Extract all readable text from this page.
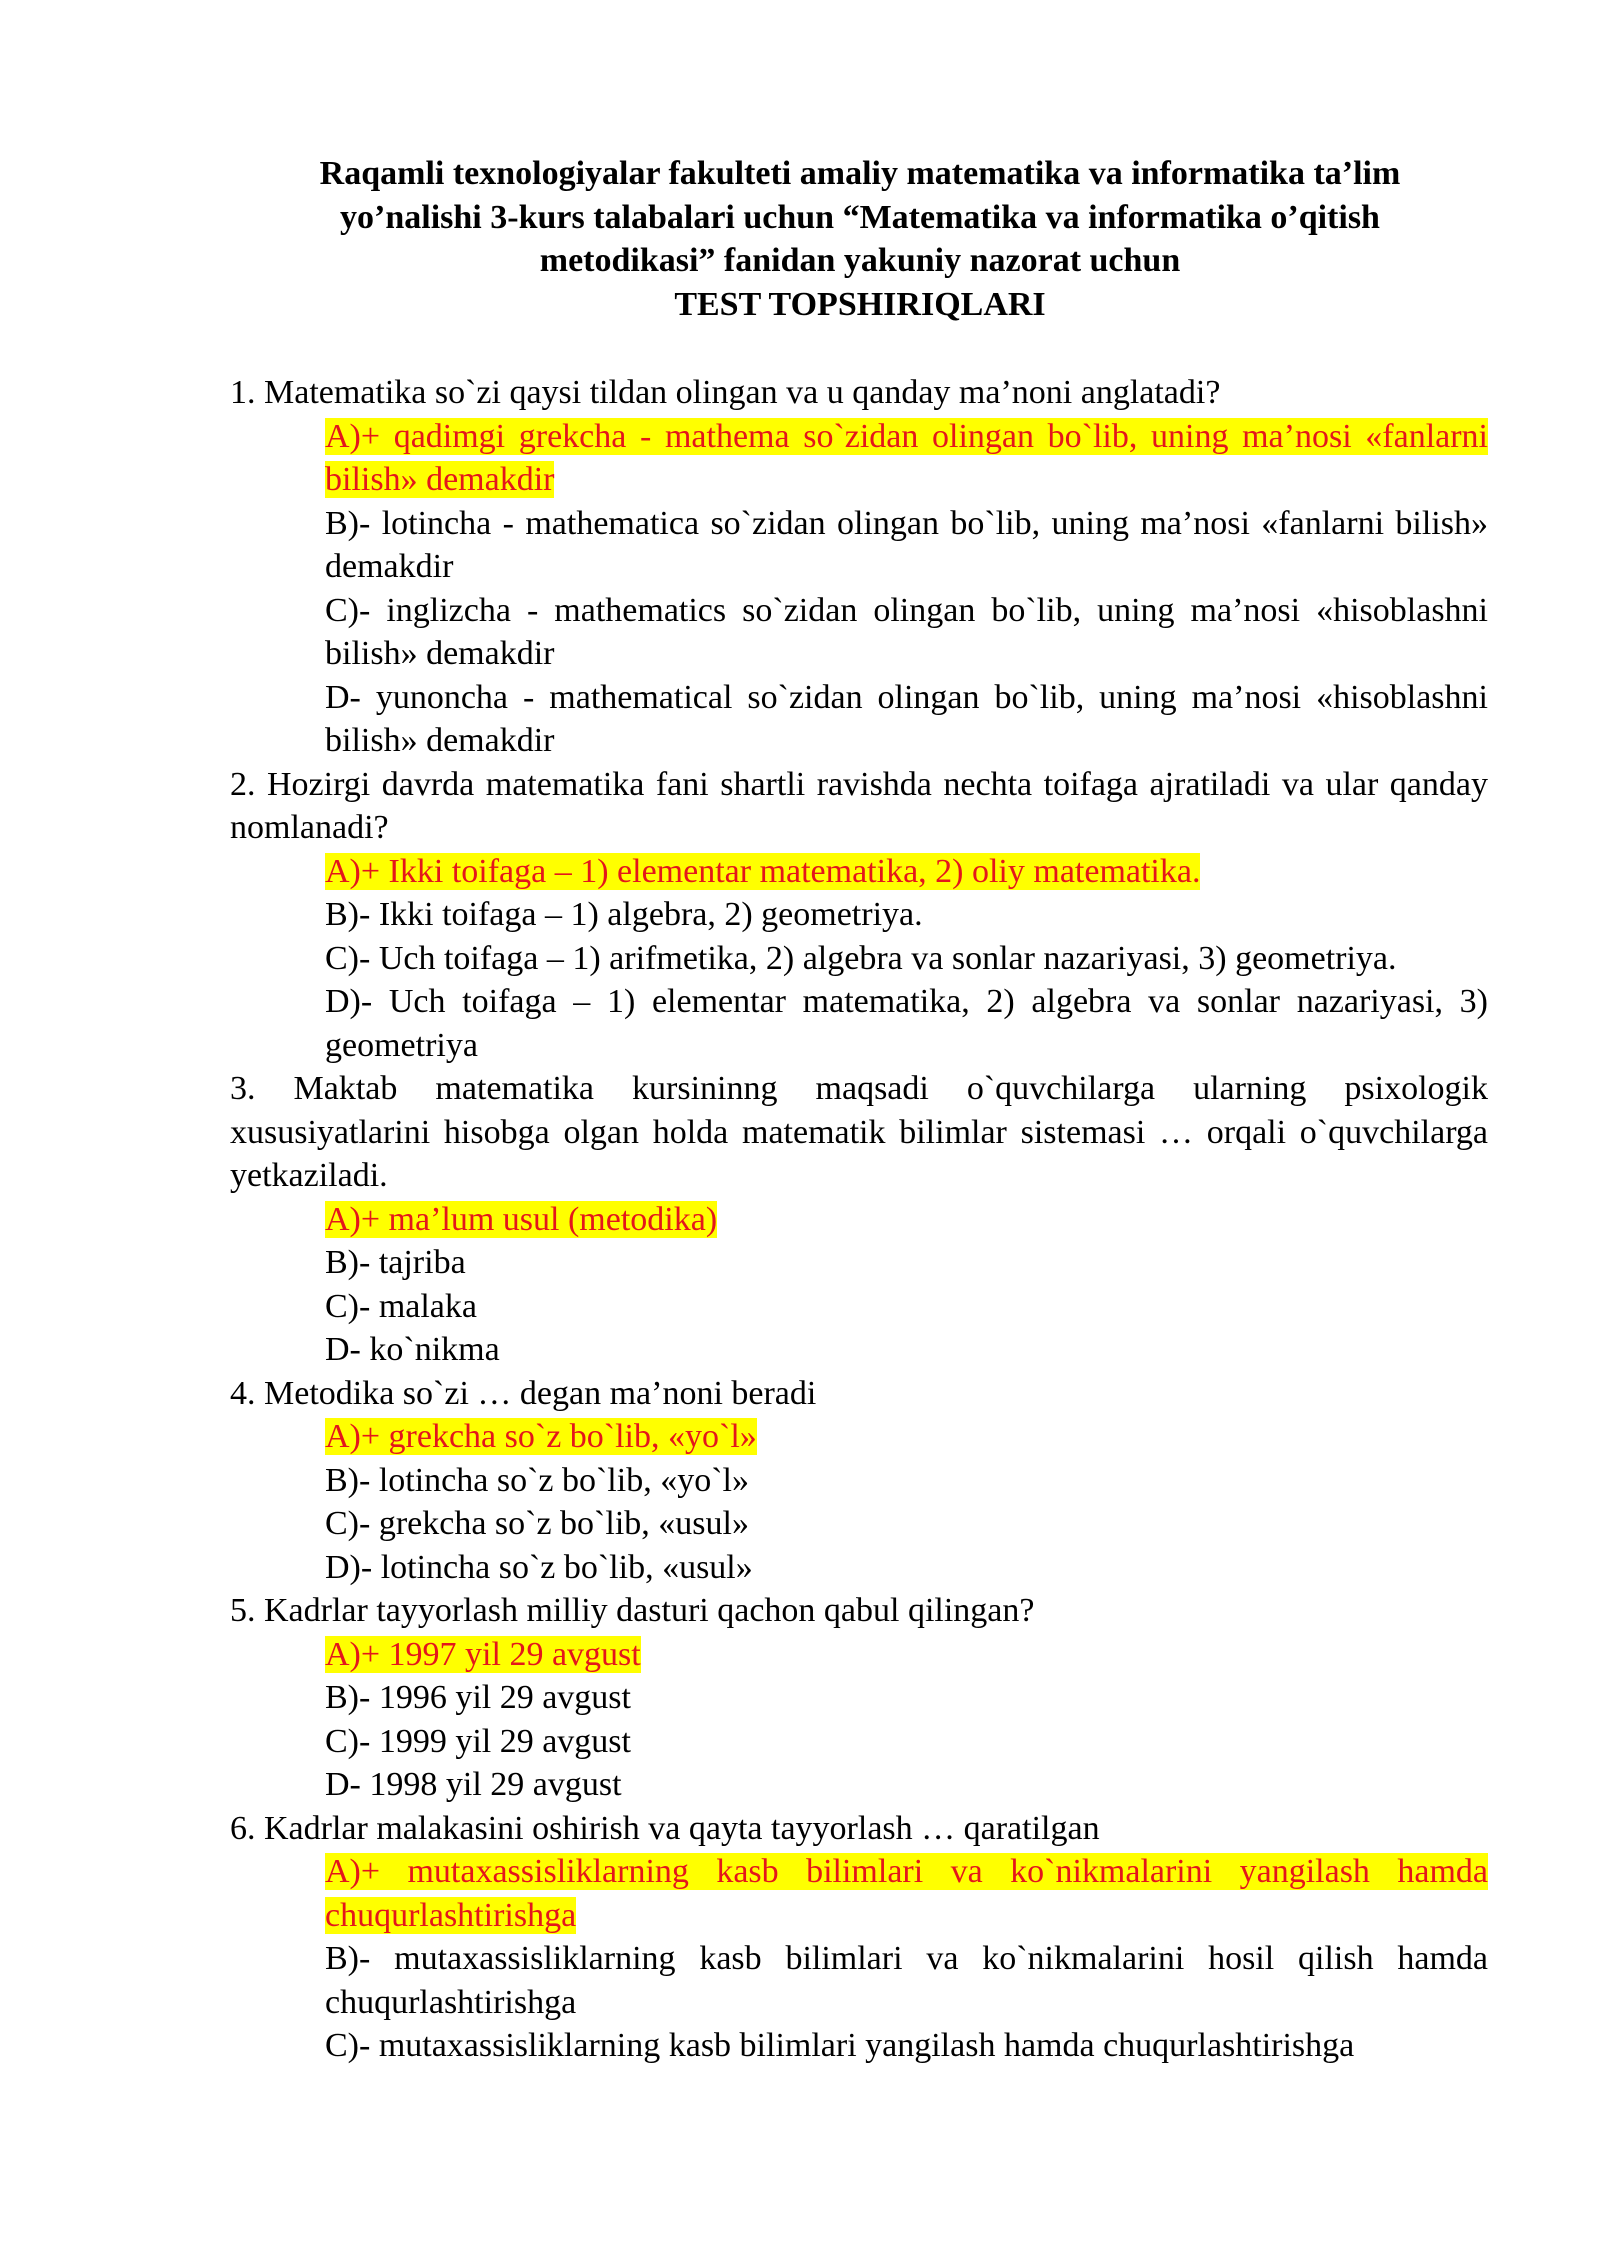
Raqamli texnologiyalar fakulteti amaliy matematika va informatika ta’lim
yo’nalishi 3-kurs talabalari uchun “Matematika va informatika o’qitish
metodikasi” fanidan yakuniy nazorat uchun
TEST TOPSHIRIQLARI
1. Matematika so`zi qaysi tildan olingan va u qanday ma’noni anglatadi?
A)+ qadimgi grekcha - mathema so`zidan olingan bo`lib, uning ma’nosi «fanlarni bilish» demakdir
B)- lotincha - mathematica so`zidan olingan bo`lib, uning ma’nosi «fanlarni bilish» demakdir
C)- inglizcha - mathematics so`zidan olingan bo`lib, uning ma’nosi «hisoblashni bilish» demakdir
D- yunoncha - mathematical so`zidan olingan bo`lib, uning ma’nosi «hisoblashni bilish» demakdir
2. Hozirgi davrda matematika fani shartli ravishda nechta toifaga ajratiladi va ular qanday nomlanadi?
A)+ Ikki toifaga – 1) elementar matematika, 2) oliy matematika.
B)- Ikki toifaga – 1) algebra, 2) geometriya.
C)- Uch toifaga – 1) arifmetika, 2) algebra va sonlar nazariyasi, 3) geometriya.
D)- Uch toifaga – 1) elementar matematika, 2) algebra va sonlar nazariyasi, 3) geometriya
3. Maktab matematika kursininng maqsadi o`quvchilarga ularning psixologik xususiyatlarini hisobga olgan holda matematik bilimlar sistemasi … orqali o`quvchilarga yetkaziladi.
A)+ ma’lum usul (metodika)
B)- tajriba
C)- malaka
D- ko`nikma
4. Metodika so`zi … degan ma’noni beradi
A)+ grekcha so`z bo`lib, «yo`l»
B)- lotincha so`z bo`lib, «yo`l»
C)- grekcha so`z bo`lib, «usul»
D)- lotincha so`z bo`lib, «usul»
5. Kadrlar tayyorlash milliy dasturi qachon qabul qilingan?
A)+ 1997 yil 29 avgust
B)- 1996 yil 29 avgust
C)- 1999 yil 29 avgust
D- 1998 yil 29 avgust
6. Kadrlar malakasini oshirish va qayta tayyorlash … qaratilgan
A)+ mutaxassisliklarning kasb bilimlari va ko`nikmalarini yangilash hamda chuqurlashtirishga
B)- mutaxassisliklarning kasb bilimlari va ko`nikmalarini hosil qilish hamda chuqurlashtirishga
C)- mutaxassisliklarning kasb bilimlari yangilash hamda chuqurlashtirishga
